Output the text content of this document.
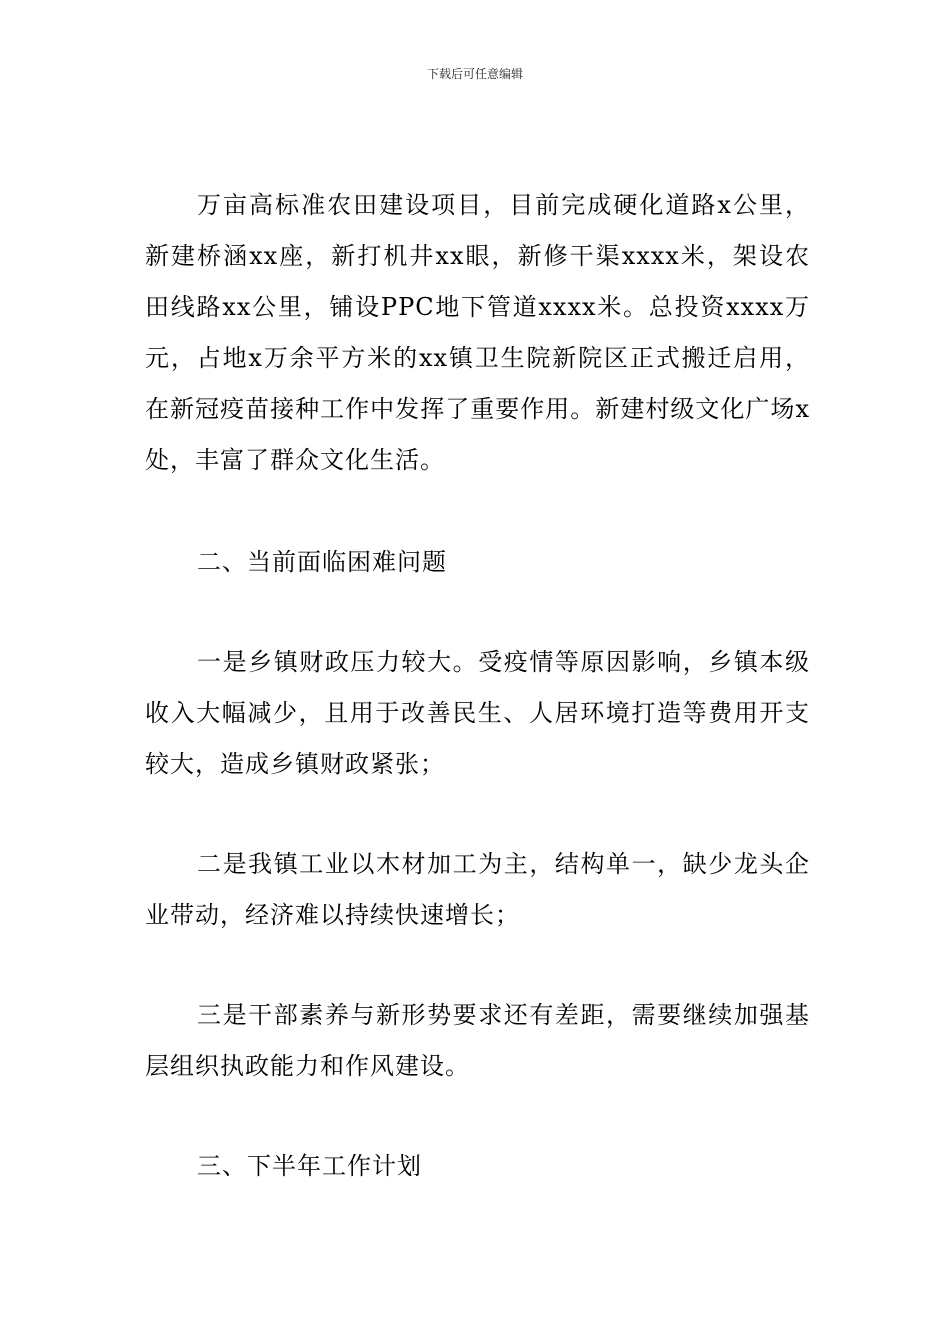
下载后可任意编辑

万亩高标准农田建设项目，目前完成硬化道路x公里，新建桥涵xx座，新打机井xx眼，新修干渠xxxx米，架设农田线路xx公里，铺设PPC地下管道xxxx米。总投资xxxx万元，占地x万余平方米的xx镇卫生院新院区正式搬迁启用，在新冠疫苗接种工作中发挥了重要作用。新建村级文化广场x处，丰富了群众文化生活。

二、当前面临困难问题

一是乡镇财政压力较大。受疫情等原因影响，乡镇本级收入大幅减少，且用于改善民生、人居环境打造等费用开支较大，造成乡镇财政紧张；

二是我镇工业以木材加工为主，结构单一，缺少龙头企业带动，经济难以持续快速增长；

三是干部素养与新形势要求还有差距，需要继续加强基层组织执政能力和作风建设。

三、下半年工作计划
